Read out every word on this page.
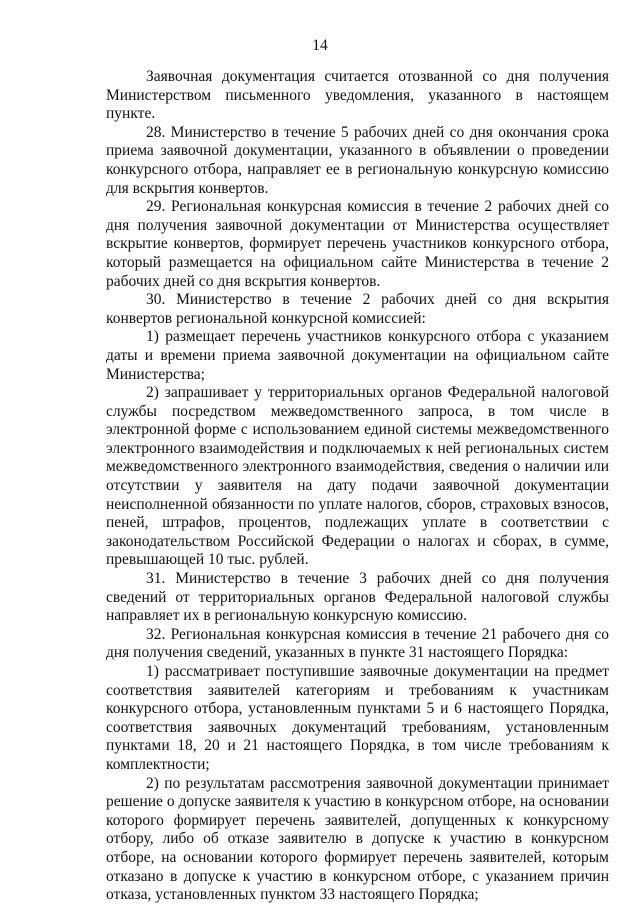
14

Заявочная документация считается отозванной со дня получения Министерством письменного уведомления, указанного в настоящем пункте.

28. Министерство в течение 5 рабочих дней со дня окончания срока приема заявочной документации, указанного в объявлении о проведении конкурсного отбора, направляет ее в региональную конкурсную комиссию для вскрытия конвертов.

29. Региональная конкурсная комиссия в течение 2 рабочих дней со дня получения заявочной документации от Министерства осуществляет вскрытие конвертов, формирует перечень участников конкурсного отбора, который размещается на официальном сайте Министерства в течение 2 рабочих дней со дня вскрытия конвертов.

30. Министерство в течение 2 рабочих дней со дня вскрытия конвертов региональной конкурсной комиссией:

1) размещает перечень участников конкурсного отбора с указанием даты и времени приема заявочной документации на официальном сайте Министерства;

2) запрашивает у территориальных органов Федеральной налоговой службы посредством межведомственного запроса, в том числе в электронной форме с использованием единой системы межведомственного электронного взаимодействия и подключаемых к ней региональных систем межведомственного электронного взаимодействия, сведения о наличии или отсутствии у заявителя на дату подачи заявочной документации неисполненной обязанности по уплате налогов, сборов, страховых взносов, пеней, штрафов, процентов, подлежащих уплате в соответствии с законодательством Российской Федерации о налогах и сборах, в сумме, превышающей 10 тыс. рублей.

31. Министерство в течение 3 рабочих дней со дня получения сведений от территориальных органов Федеральной налоговой службы направляет их в региональную конкурсную комиссию.

32. Региональная конкурсная комиссия в течение 21 рабочего дня со дня получения сведений, указанных в пункте 31 настоящего Порядка:

1) рассматривает поступившие заявочные документации на предмет соответствия заявителей категориям и требованиям к участникам конкурсного отбора, установленным пунктами 5 и 6 настоящего Порядка, соответствия заявочных документаций требованиям, установленным пунктами 18, 20 и 21 настоящего Порядка, в том числе требованиям к комплектности;

2) по результатам рассмотрения заявочной документации принимает решение о допуске заявителя к участию в конкурсном отборе, на основании которого формирует перечень заявителей, допущенных к конкурсному отбору, либо об отказе заявителю в допуске к участию в конкурсном отборе, на основании которого формирует перечень заявителей, которым отказано в допуске к участию в конкурсном отборе, с указанием причин отказа, установленных пунктом 33 настоящего Порядка;
